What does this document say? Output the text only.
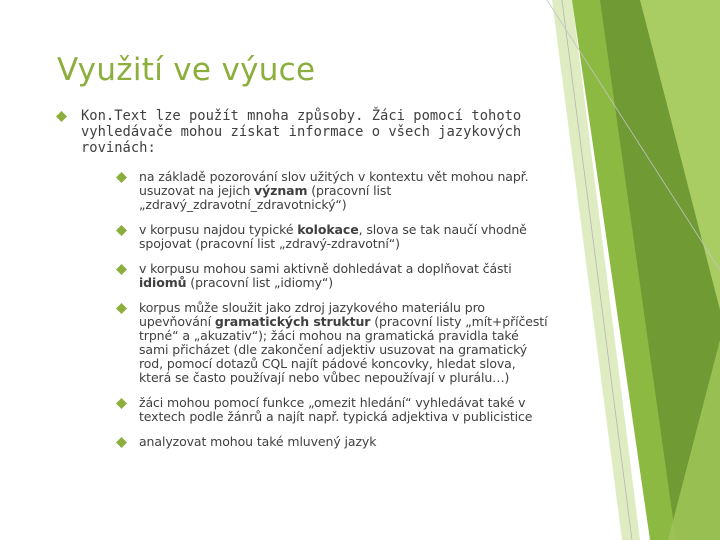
Využití ve výuce
Kon.Text lze použít mnoha způsoby. Žáci pomocí tohoto
vyhledávače mohou získat informace o všech jazykových
rovinách:
na základě pozorování slov užitých v kontextu vět mohou např.
usuzovat na jejich význam (pracovní list
„zdravý_zdravotní_zdravotnický“)
v korpusu najdou typické kolokace, slova se tak naučí vhodně
spojovat (pracovní list „zdravý-zdravotní“)
v korpusu mohou sami aktivně dohledávat a doplňovat části
idiomů (pracovní list „idiomy“)
korpus může sloužit jako zdroj jazykového materiálu pro
upevňování gramatických struktur (pracovní listy „mít+příčestí
trpné“ a „akuzativ“); žáci mohou na gramatická pravidla také
sami přicházet (dle zakončení adjektiv usuzovat na gramatický
rod, pomocí dotazů CQL najít pádové koncovky, hledat slova,
která se často používají nebo vůbec nepoužívají v plurálu…)
žáci mohou pomocí funkce „omezit hledání“ vyhledávat také v
textech podle žánrů a najít např. typická adjektiva v publicistice
analyzovat mohou také mluvený jazyk
